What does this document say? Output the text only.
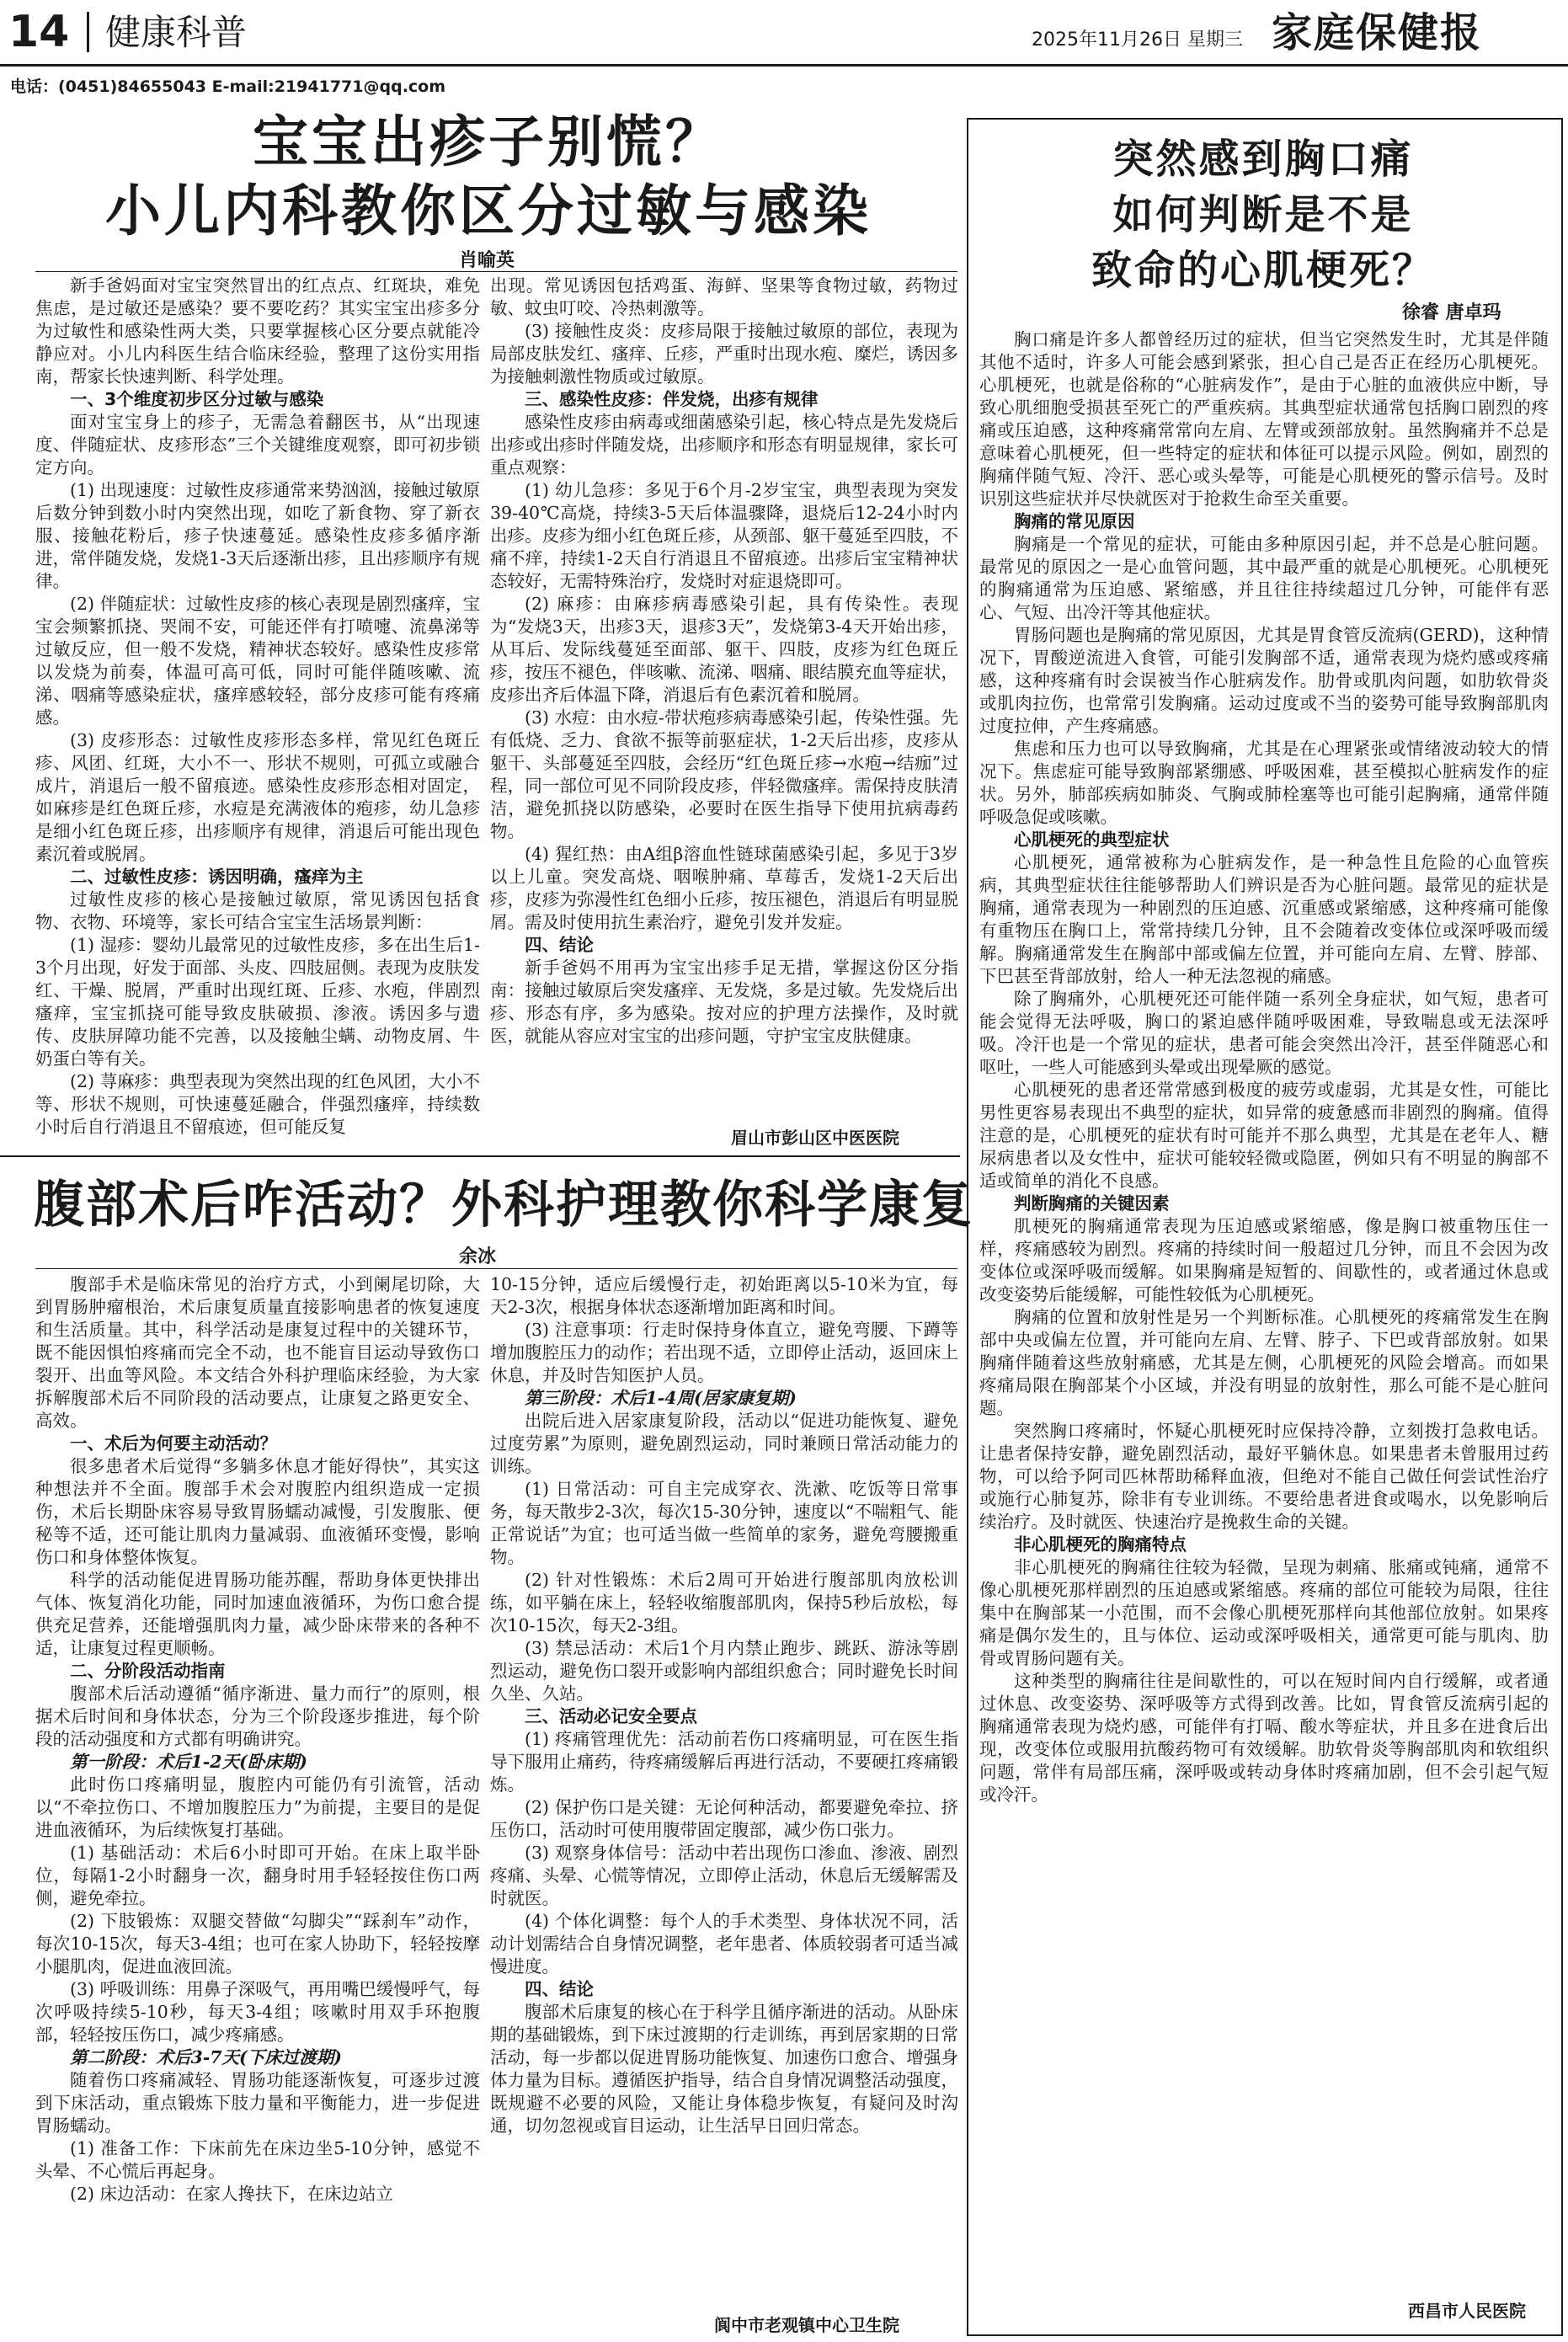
14 健康科普	2025年11月26日 星期三 家庭保健报
电话：(0451)84655043 E-mail:21941771@qq.com
宝宝出疹子别慌？
小儿内科教你区分过敏与感染
肖喻英

新手爸妈面对宝宝突然冒出的红点点、红斑块，难免焦虑，是过敏还是感染？要不要吃药？其实宝宝出疹多分为过敏性和感染性两大类，只要掌握核心区分要点就能冷静应对。小儿内科医生结合临床经验，整理了这份实用指南，帮家长快速判断、科学处理。

一、3个维度初步区分过敏与感染

面对宝宝身上的疹子，无需急着翻医书，从“出现速度、伴随症状、皮疹形态”三个关键维度观察，即可初步锁定方向。

(1) 出现速度：过敏性皮疹通常来势汹汹，接触过敏原后数分钟到数小时内突然出现，如吃了新食物、穿了新衣服、接触花粉后，疹子快速蔓延。感染性皮疹多循序渐进，常伴随发烧，发烧1-3天后逐渐出疹，且出疹顺序有规律。

(2) 伴随症状：过敏性皮疹的核心表现是剧烈瘙痒，宝宝会频繁抓挠、哭闹不安，可能还伴有打喷嚏、流鼻涕等过敏反应，但一般不发烧，精神状态较好。感染性皮疹常以发烧为前奏，体温可高可低，同时可能伴随咳嗽、流涕、咽痛等感染症状，瘙痒感较轻，部分皮疹可能有疼痛感。

(3) 皮疹形态：过敏性皮疹形态多样，常见红色斑丘疹、风团、红斑，大小不一、形状不规则，可孤立或融合成片，消退后一般不留痕迹。感染性皮疹形态相对固定，如麻疹是红色斑丘疹，水痘是充满液体的疱疹，幼儿急疹是细小红色斑丘疹，出疹顺序有规律，消退后可能出现色素沉着或脱屑。

二、过敏性皮疹：诱因明确，瘙痒为主

过敏性皮疹的核心是接触过敏原，常见诱因包括食物、衣物、环境等，家长可结合宝宝生活场景判断：

(1) 湿疹：婴幼儿最常见的过敏性皮疹，多在出生后1-3个月出现，好发于面部、头皮、四肢屈侧。表现为皮肤发红、干燥、脱屑，严重时出现红斑、丘疹、水疱，伴剧烈瘙痒，宝宝抓挠可能导致皮肤破损、渗液。诱因多与遗传、皮肤屏障功能不完善，以及接触尘螨、动物皮屑、牛奶蛋白等有关。

(2) 荨麻疹：典型表现为突然出现的红色风团，大小不等、形状不规则，可快速蔓延融合，伴强烈瘙痒，持续数小时后自行消退且不留痕迹，但可能反复

出现。常见诱因包括鸡蛋、海鲜、坚果等食物过敏，药物过敏、蚊虫叮咬、冷热刺激等。

(3) 接触性皮炎：皮疹局限于接触过敏原的部位，表现为局部皮肤发红、瘙痒、丘疹，严重时出现水疱、糜烂，诱因多为接触刺激性物质或过敏原。

三、感染性皮疹：伴发烧，出疹有规律

感染性皮疹由病毒或细菌感染引起，核心特点是先发烧后出疹或出疹时伴随发烧，出疹顺序和形态有明显规律，家长可重点观察：

(1) 幼儿急疹：多见于6个月-2岁宝宝，典型表现为突发39-40℃高烧，持续3-5天后体温骤降，退烧后12-24小时内出疹。皮疹为细小红色斑丘疹，从颈部、躯干蔓延至四肢，不痛不痒，持续1-2天自行消退且不留痕迹。出疹后宝宝精神状态较好，无需特殊治疗，发烧时对症退烧即可。

(2) 麻疹：由麻疹病毒感染引起，具有传染性。表现为“发烧3天，出疹3天，退疹3天”，发烧第3-4天开始出疹，从耳后、发际线蔓延至面部、躯干、四肢，皮疹为红色斑丘疹，按压不褪色，伴咳嗽、流涕、咽痛、眼结膜充血等症状，皮疹出齐后体温下降，消退后有色素沉着和脱屑。

(3) 水痘：由水痘-带状疱疹病毒感染引起，传染性强。先有低烧、乏力、食欲不振等前驱症状，1-2天后出疹，皮疹从躯干、头部蔓延至四肢，会经历“红色斑丘疹→水疱→结痂”过程，同一部位可见不同阶段皮疹，伴轻微瘙痒。需保持皮肤清洁，避免抓挠以防感染，必要时在医生指导下使用抗病毒药物。

(4) 猩红热：由A组β溶血性链球菌感染引起，多见于3岁以上儿童。突发高烧、咽喉肿痛、草莓舌，发烧1-2天后出疹，皮疹为弥漫性红色细小丘疹，按压褪色，消退后有明显脱屑。需及时使用抗生素治疗，避免引发并发症。

四、结论

新手爸妈不用再为宝宝出疹手足无措，掌握这份区分指南：接触过敏原后突发瘙痒、无发烧，多是过敏。先发烧后出疹、形态有序，多为感染。按对应的护理方法操作，及时就医，就能从容应对宝宝的出疹问题，守护宝宝皮肤健康。

眉山市彭山区中医医院
腹部术后咋活动？外科护理教你科学康复
余冰

腹部手术是临床常见的治疗方式，小到阑尾切除，大到胃肠肿瘤根治，术后康复质量直接影响患者的恢复速度和生活质量。其中，科学活动是康复过程中的关键环节，既不能因惧怕疼痛而完全不动，也不能盲目运动导致伤口裂开、出血等风险。本文结合外科护理临床经验，为大家拆解腹部术后不同阶段的活动要点，让康复之路更安全、高效。

一、术后为何要主动活动？

很多患者术后觉得“多躺多休息才能好得快”，其实这种想法并不全面。腹部手术会对腹腔内组织造成一定损伤，术后长期卧床容易导致胃肠蠕动减慢，引发腹胀、便秘等不适，还可能让肌肉力量减弱、血液循环变慢，影响伤口和身体整体恢复。

科学的活动能促进胃肠功能苏醒，帮助身体更快排出气体、恢复消化功能，同时加速血液循环，为伤口愈合提供充足营养，还能增强肌肉力量，减少卧床带来的各种不适，让康复过程更顺畅。

二、分阶段活动指南

腹部术后活动遵循“循序渐进、量力而行”的原则，根据术后时间和身体状态，分为三个阶段逐步推进，每个阶段的活动强度和方式都有明确讲究。

第一阶段：术后1-2天(卧床期)

此时伤口疼痛明显，腹腔内可能仍有引流管，活动以“不牵拉伤口、不增加腹腔压力”为前提，主要目的是促进血液循环，为后续恢复打基础。

(1) 基础活动：术后6小时即可开始。在床上取半卧位，每隔1-2小时翻身一次，翻身时用手轻轻按住伤口两侧，避免牵拉。

(2) 下肢锻炼：双腿交替做“勾脚尖”“踩刹车”动作，每次10-15次，每天3-4组；也可在家人协助下，轻轻按摩小腿肌肉，促进血液回流。

(3) 呼吸训练：用鼻子深吸气，再用嘴巴缓慢呼气，每次呼吸持续5-10秒，每天3-4组；咳嗽时用双手环抱腹部，轻轻按压伤口，减少疼痛感。

第二阶段：术后3-7天(下床过渡期)

随着伤口疼痛减轻、胃肠功能逐渐恢复，可逐步过渡到下床活动，重点锻炼下肢力量和平衡能力，进一步促进胃肠蠕动。

(1) 准备工作：下床前先在床边坐5-10分钟，感觉不头晕、不心慌后再起身。

(2) 床边活动：在家人搀扶下，在床边站立

10-15分钟，适应后缓慢行走，初始距离以5-10米为宜，每天2-3次，根据身体状态逐渐增加距离和时间。

(3) 注意事项：行走时保持身体直立，避免弯腰、下蹲等增加腹腔压力的动作；若出现不适，立即停止活动，返回床上休息，并及时告知医护人员。

第三阶段：术后1-4周(居家康复期)

出院后进入居家康复阶段，活动以“促进功能恢复、避免过度劳累”为原则，避免剧烈运动，同时兼顾日常活动能力的训练。

(1) 日常活动：可自主完成穿衣、洗漱、吃饭等日常事务，每天散步2-3次，每次15-30分钟，速度以“不喘粗气、能正常说话”为宜；也可适当做一些简单的家务，避免弯腰搬重物。

(2) 针对性锻炼：术后2周可开始进行腹部肌肉放松训练，如平躺在床上，轻轻收缩腹部肌肉，保持5秒后放松，每次10-15次，每天2-3组。

(3) 禁忌活动：术后1个月内禁止跑步、跳跃、游泳等剧烈运动，避免伤口裂开或影响内部组织愈合；同时避免长时间久坐、久站。

三、活动必记安全要点

(1) 疼痛管理优先：活动前若伤口疼痛明显，可在医生指导下服用止痛药，待疼痛缓解后再进行活动，不要硬扛疼痛锻炼。

(2) 保护伤口是关键：无论何种活动，都要避免牵拉、挤压伤口，活动时可使用腹带固定腹部，减少伤口张力。

(3) 观察身体信号：活动中若出现伤口渗血、渗液、剧烈疼痛、头晕、心慌等情况，立即停止活动，休息后无缓解需及时就医。

(4) 个体化调整：每个人的手术类型、身体状况不同，活动计划需结合自身情况调整，老年患者、体质较弱者可适当减慢进度。

四、结论

腹部术后康复的核心在于科学且循序渐进的活动。从卧床期的基础锻炼，到下床过渡期的行走训练，再到居家期的日常活动，每一步都以促进胃肠功能恢复、加速伤口愈合、增强身体力量为目标。遵循医护指导，结合自身情况调整活动强度，既规避不必要的风险，又能让身体稳步恢复，有疑问及时沟通，切勿忽视或盲目运动，让生活早日回归常态。

阆中市老观镇中心卫生院
突然感到胸口痛
如何判断是不是
致命的心肌梗死？
徐睿 唐卓玛

胸口痛是许多人都曾经历过的症状，但当它突然发生时，尤其是伴随其他不适时，许多人可能会感到紧张，担心自己是否正在经历心肌梗死。心肌梗死，也就是俗称的“心脏病发作”，是由于心脏的血液供应中断，导致心肌细胞受损甚至死亡的严重疾病。其典型症状通常包括胸口剧烈的疼痛或压迫感，这种疼痛常常向左肩、左臂或颈部放射。虽然胸痛并不总是意味着心肌梗死，但一些特定的症状和体征可以提示风险。例如，剧烈的胸痛伴随气短、冷汗、恶心或头晕等，可能是心肌梗死的警示信号。及时识别这些症状并尽快就医对于抢救生命至关重要。

胸痛的常见原因

胸痛是一个常见的症状，可能由多种原因引起，并不总是心脏问题。最常见的原因之一是心血管问题，其中最严重的就是心肌梗死。心肌梗死的胸痛通常为压迫感、紧缩感，并且往往持续超过几分钟，可能伴有恶心、气短、出冷汗等其他症状。

胃肠问题也是胸痛的常见原因，尤其是胃食管反流病(GERD)，这种情况下，胃酸逆流进入食管，可能引发胸部不适，通常表现为烧灼感或疼痛感，这种疼痛有时会误被当作心脏病发作。肋骨或肌肉问题，如肋软骨炎或肌肉拉伤，也常常引发胸痛。运动过度或不当的姿势可能导致胸部肌肉过度拉伸，产生疼痛感。

焦虑和压力也可以导致胸痛，尤其是在心理紧张或情绪波动较大的情况下。焦虑症可能导致胸部紧绷感、呼吸困难，甚至模拟心脏病发作的症状。另外，肺部疾病如肺炎、气胸或肺栓塞等也可能引起胸痛，通常伴随呼吸急促或咳嗽。

心肌梗死的典型症状

心肌梗死，通常被称为心脏病发作，是一种急性且危险的心血管疾病，其典型症状往往能够帮助人们辨识是否为心脏问题。最常见的症状是胸痛，通常表现为一种剧烈的压迫感、沉重感或紧缩感，这种疼痛可能像有重物压在胸口上，常常持续几分钟，且不会随着改变体位或深呼吸而缓解。胸痛通常发生在胸部中部或偏左位置，并可能向左肩、左臂、脖部、下巴甚至背部放射，给人一种无法忽视的痛感。

除了胸痛外，心肌梗死还可能伴随一系列全身症状，如气短，患者可能会觉得无法呼吸，胸口的紧迫感伴随呼吸困难，导致喘息或无法深呼吸。冷汗也是一个常见的症状，患者可能会突然出冷汗，甚至伴随恶心和呕吐，一些人可能感到头晕或出现晕厥的感觉。

心肌梗死的患者还常常感到极度的疲劳或虚弱，尤其是女性，可能比男性更容易表现出不典型的症状，如异常的疲惫感而非剧烈的胸痛。值得注意的是，心肌梗死的症状有时可能并不那么典型，尤其是在老年人、糖尿病患者以及女性中，症状可能较轻微或隐匿，例如只有不明显的胸部不适或简单的消化不良感。

判断胸痛的关键因素

肌梗死的胸痛通常表现为压迫感或紧缩感，像是胸口被重物压住一样，疼痛感较为剧烈。疼痛的持续时间一般超过几分钟，而且不会因为改变体位或深呼吸而缓解。如果胸痛是短暂的、间歇性的，或者通过休息或改变姿势后能缓解，可能性较低为心肌梗死。

胸痛的位置和放射性是另一个判断标准。心肌梗死的疼痛常发生在胸部中央或偏左位置，并可能向左肩、左臂、脖子、下巴或背部放射。如果胸痛伴随着这些放射痛感，尤其是左侧，心肌梗死的风险会增高。而如果疼痛局限在胸部某个小区域，并没有明显的放射性，那么可能不是心脏问题。

突然胸口疼痛时，怀疑心肌梗死时应保持冷静，立刻拨打急救电话。让患者保持安静，避免剧烈活动，最好平躺休息。如果患者未曾服用过药物，可以给予阿司匹林帮助稀释血液，但绝对不能自己做任何尝试性治疗或施行心肺复苏，除非有专业训练。不要给患者进食或喝水，以免影响后续治疗。及时就医、快速治疗是挽救生命的关键。

非心肌梗死的胸痛特点

非心肌梗死的胸痛往往较为轻微，呈现为刺痛、胀痛或钝痛，通常不像心肌梗死那样剧烈的压迫感或紧缩感。疼痛的部位可能较为局限，往往集中在胸部某一小范围，而不会像心肌梗死那样向其他部位放射。如果疼痛是偶尔发生的，且与体位、运动或深呼吸相关，通常更可能与肌肉、肋骨或胃肠问题有关。

这种类型的胸痛往往是间歇性的，可以在短时间内自行缓解，或者通过休息、改变姿势、深呼吸等方式得到改善。比如，胃食管反流病引起的胸痛通常表现为烧灼感，可能伴有打嗝、酸水等症状，并且多在进食后出现，改变体位或服用抗酸药物可有效缓解。肋软骨炎等胸部肌肉和软组织问题，常伴有局部压痛，深呼吸或转动身体时疼痛加剧，但不会引起气短或冷汗。

西昌市人民医院
